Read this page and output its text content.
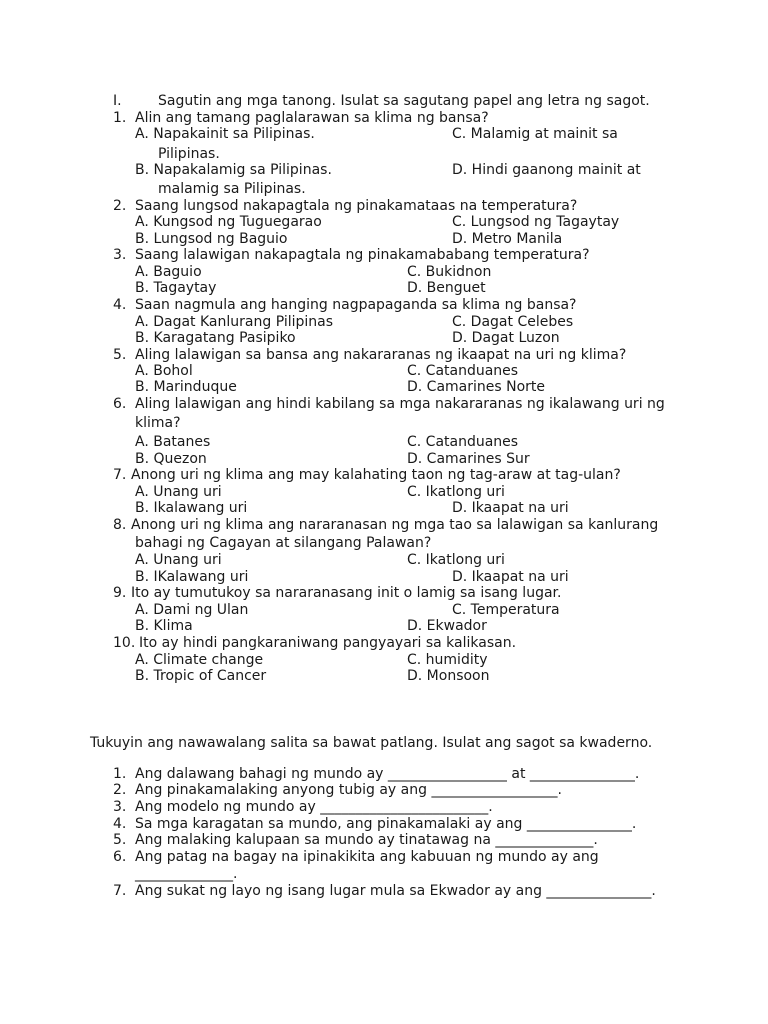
I.	Sagutin ang mga tanong. Isulat sa sagutang papel ang letra ng sagot.
1. Alin ang tamang paglalarawan sa klima ng bansa?
A. Napakainit sa Pilipinas.	C. Malamig at mainit sa
Pilipinas.
B. Napakalamig sa Pilipinas.	D. Hindi gaanong mainit at
malamig sa Pilipinas.
2. Saang lungsod nakapagtala ng pinakamataas na temperatura?
A. Kungsod ng Tuguegarao	C. Lungsod ng Tagaytay
B. Lungsod ng Baguio	D. Metro Manila
3. Saang lalawigan nakapagtala ng pinakamababang temperatura?
A. Baguio	C. Bukidnon
B. Tagaytay	D. Benguet
4. Saan nagmula ang hanging nagpapaganda sa klima ng bansa?
A. Dagat Kanlurang Pilipinas	C. Dagat Celebes
B. Karagatang Pasipiko	D. Dagat Luzon
5. Aling lalawigan sa bansa ang nakararanas ng ikaapat na uri ng klima?
A. Bohol	C. Catanduanes
B. Marinduque	D. Camarines Norte
6. Aling lalawigan ang hindi kabilang sa mga nakararanas ng ikalawang uri ng
klima?
A. Batanes	C. Catanduanes
B. Quezon	D. Camarines Sur
7. Anong uri ng klima ang may kalahating taon ng tag-araw at tag-ulan?
A. Unang uri	C. Ikatlong uri
B. Ikalawang uri	D. Ikaapat na uri
8. Anong uri ng klima ang nararanasan ng mga tao sa lalawigan sa kanlurang
bahagi ng Cagayan at silangang Palawan?
A. Unang uri	C. Ikatlong uri
B. IKalawang uri	D. Ikaapat na uri
9. Ito ay tumutukoy sa nararanasang init o lamig sa isang lugar.
A. Dami ng Ulan	C. Temperatura
B. Klima	D. Ekwador
10. Ito ay hindi pangkaraniwang pangyayari sa kalikasan.
A. Climate change	C. humidity
B. Tropic of Cancer	D. Monsoon
Tukuyin ang nawawalang salita sa bawat patlang. Isulat ang sagot sa kwaderno.
1. Ang dalawang bahagi ng mundo ay _________________ at _______________.
2. Ang pinakamalaking anyong tubig ay ang __________________.
3. Ang modelo ng mundo ay ________________________.
4. Sa mga karagatan sa mundo, ang pinakamalaki ay ang _______________.
5. Ang malaking kalupaan sa mundo ay tinatawag na ______________.
6. Ang patag na bagay na ipinakikita ang kabuuan ng mundo ay ang
______________.
7. Ang sukat ng layo ng isang lugar mula sa Ekwador ay ang _______________.
